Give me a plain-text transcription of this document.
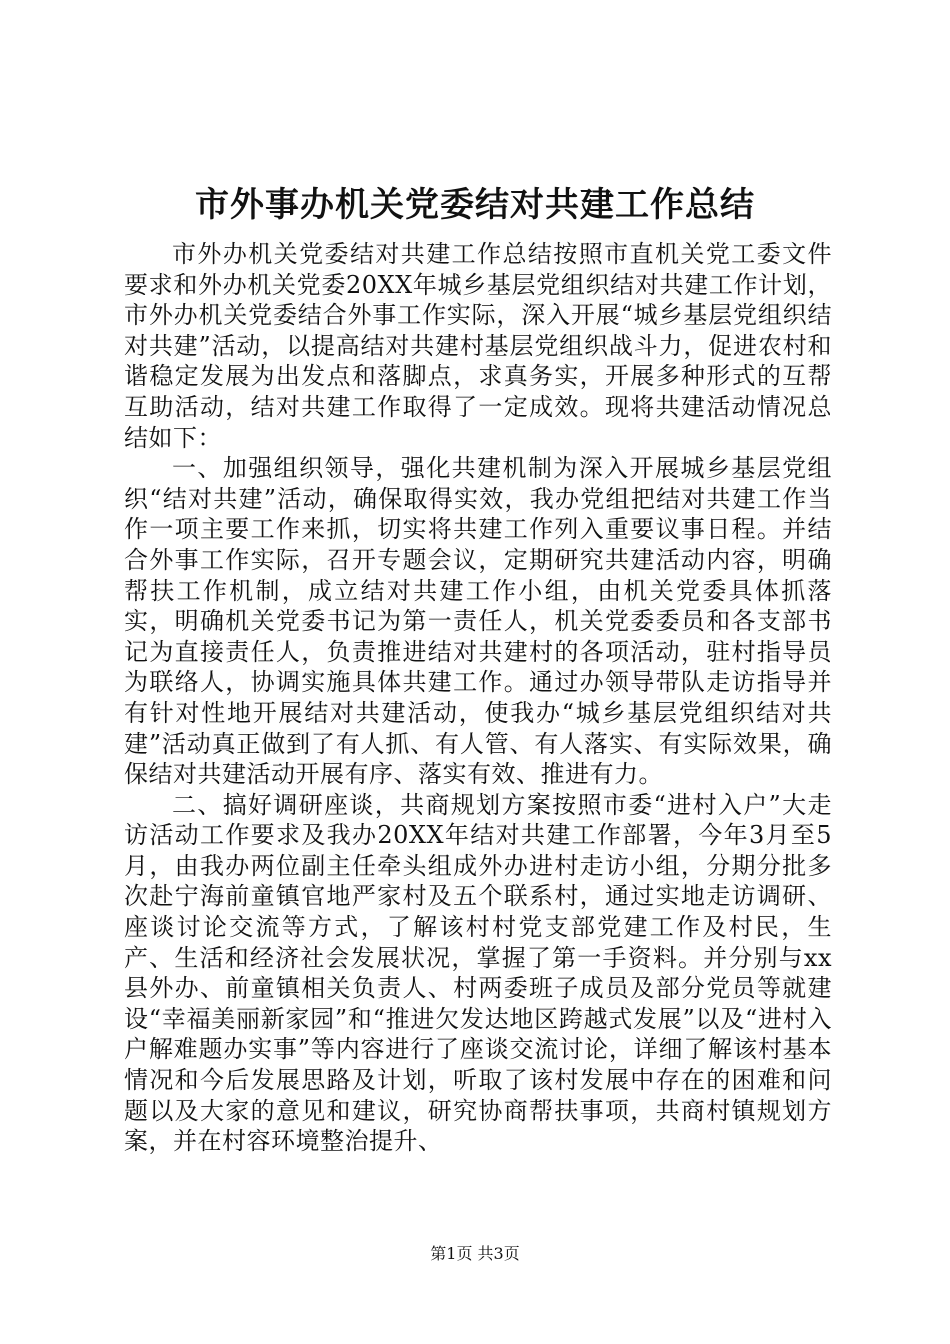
市外事办机关党委结对共建工作总结

市外办机关党委结对共建工作总结按照市直机关党工委文件要求和外办机关党委20XX年城乡基层党组织结对共建工作计划，市外办机关党委结合外事工作实际，深入开展“城乡基层党组织结对共建”活动，以提高结对共建村基层党组织战斗力，促进农村和谐稳定发展为出发点和落脚点，求真务实，开展多种形式的互帮互助活动，结对共建工作取得了一定成效。现将共建活动情况总结如下：

一、加强组织领导，强化共建机制为深入开展城乡基层党组织“结对共建”活动，确保取得实效，我办党组把结对共建工作当作一项主要工作来抓，切实将共建工作列入重要议事日程。并结合外事工作实际，召开专题会议，定期研究共建活动内容，明确帮扶工作机制，成立结对共建工作小组，由机关党委具体抓落实，明确机关党委书记为第一责任人，机关党委委员和各支部书记为直接责任人，负责推进结对共建村的各项活动，驻村指导员为联络人，协调实施具体共建工作。通过办领导带队走访指导并有针对性地开展结对共建活动，使我办“城乡基层党组织结对共建”活动真正做到了有人抓、有人管、有人落实、有实际效果，确保结对共建活动开展有序、落实有效、推进有力。

二、搞好调研座谈，共商规划方案按照市委“进村入户”大走访活动工作要求及我办20XX年结对共建工作部署，今年3月至5月，由我办两位副主任牵头组成外办进村走访小组，分期分批多次赴宁海前童镇官地严家村及五个联系村，通过实地走访调研、座谈讨论交流等方式，了解该村村党支部党建工作及村民，生产、生活和经济社会发展状况，掌握了第一手资料。并分别与xx县外办、前童镇相关负责人、村两委班子成员及部分党员等就建设“幸福美丽新家园”和“推进欠发达地区跨越式发展”以及“进村入户解难题办实事”等内容进行了座谈交流讨论，详细了解该村基本情况和今后发展思路及计划，听取了该村发展中存在的困难和问题以及大家的意见和建议，研究协商帮扶事项，共商村镇规划方案，并在村容环境整治提升、

第1页 共3页
